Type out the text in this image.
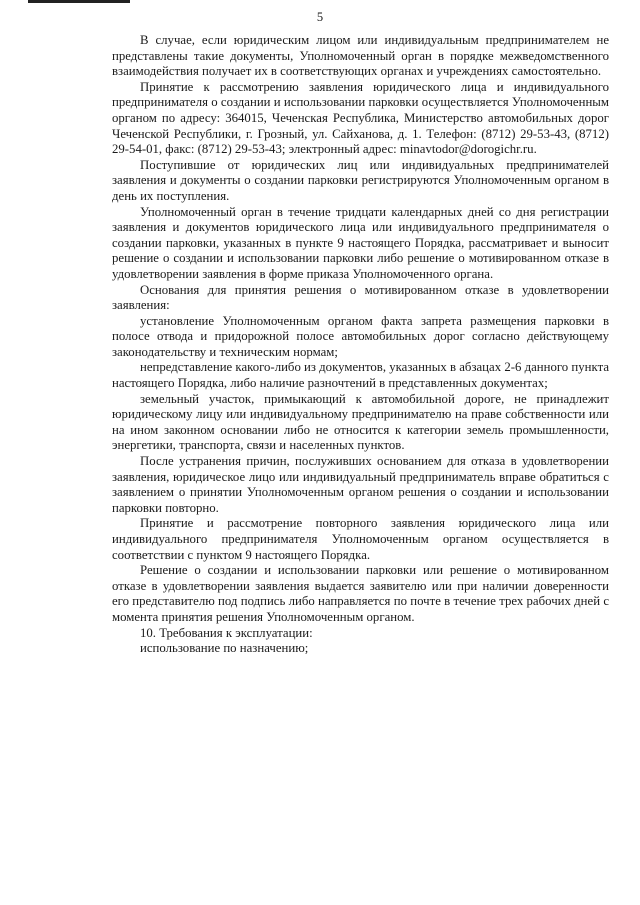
5

В случае, если юридическим лицом или индивидуальным предпринимателем не представлены такие документы, Уполномоченный орган в порядке межведомственного взаимодействия получает их в соответствующих органах и учреждениях самостоятельно.

Принятие к рассмотрению заявления юридического лица и индивидуального предпринимателя о создании и использовании парковки осуществляется Уполномоченным органом по адресу: 364015, Чеченская Республика, Министерство автомобильных дорог Чеченской Республики, г. Грозный, ул. Сайханова, д. 1. Телефон: (8712) 29-53-43, (8712) 29-54-01, факс: (8712) 29-53-43; электронный адрес: minavtodor@dorogichr.ru.

Поступившие от юридических лиц или индивидуальных предпринимателей заявления и документы о создании парковки регистрируются Уполномоченным органом в день их поступления.

Уполномоченный орган в течение тридцати календарных дней со дня регистрации заявления и документов юридического лица или индивидуального предпринимателя о создании парковки, указанных в пункте 9 настоящего Порядка, рассматривает и выносит решение о создании и использовании парковки либо решение о мотивированном отказе в удовлетворении заявления в форме приказа Уполномоченного органа.

Основания для принятия решения о мотивированном отказе в удовлетворении заявления:

установление Уполномоченным органом факта запрета размещения парковки в полосе отвода и придорожной полосе автомобильных дорог согласно действующему законодательству и техническим нормам;

непредставление какого-либо из документов, указанных в абзацах 2-6 данного пункта настоящего Порядка, либо наличие разночтений в представленных документах;

земельный участок, примыкающий к автомобильной дороге, не принадлежит юридическому лицу или индивидуальному предпринимателю на праве собственности или на ином законном основании либо не относится к категории земель промышленности, энергетики, транспорта, связи и населенных пунктов.

После устранения причин, послуживших основанием для отказа в удовлетворении заявления, юридическое лицо или индивидуальный предприниматель вправе обратиться с заявлением о принятии Уполномоченным органом решения о создании и использовании парковки повторно.

Принятие и рассмотрение повторного заявления юридического лица или индивидуального предпринимателя Уполномоченным органом осуществляется в соответствии с пунктом 9 настоящего Порядка.

Решение о создании и использовании парковки или решение о мотивированном отказе в удовлетворении заявления выдается заявителю или при наличии доверенности его представителю под подпись либо направляется по почте в течение трех рабочих дней с момента принятия решения Уполномоченным органом.

10. Требования к эксплуатации:

использование по назначению;
